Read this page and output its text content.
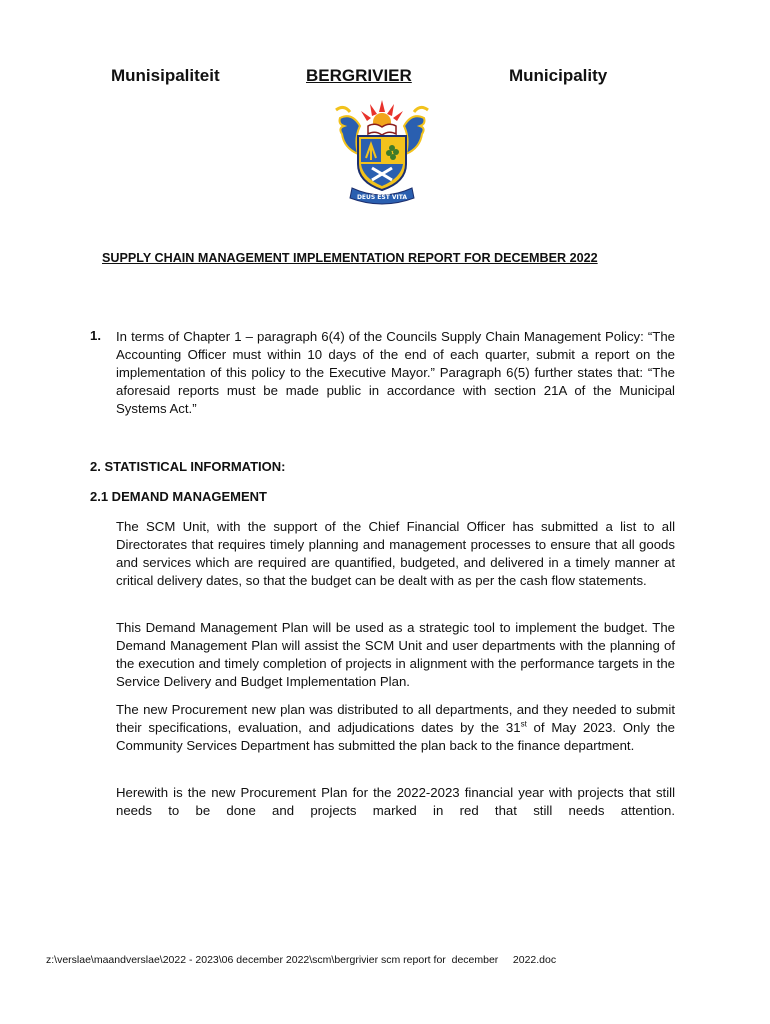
Munisipaliteit	BERGRIVIER	Municipality
DEUS EST VITA
SUPPLY CHAIN MANAGEMENT IMPLEMENTATION REPORT FOR DECEMBER 2022
1. In terms of Chapter 1 – paragraph 6(4) of the Councils Supply Chain Management Policy: “The Accounting Officer must within 10 days of the end of each quarter, submit a report on the implementation of this policy to the Executive Mayor.” Paragraph 6(5) further states that: “The aforesaid reports must be made public in accordance with section 21A of the Municipal Systems Act.”
2. STATISTICAL INFORMATION:
2.1 DEMAND MANAGEMENT
The SCM Unit, with the support of the Chief Financial Officer has submitted a list to all Directorates that requires timely planning and management processes to ensure that all goods and services which are required are quantified, budgeted, and delivered in a timely manner at critical delivery dates, so that the budget can be dealt with as per the cash flow statements.
This Demand Management Plan will be used as a strategic tool to implement the budget. The Demand Management Plan will assist the SCM Unit and user departments with the planning of the execution and timely completion of projects in alignment with the performance targets in the Service Delivery and Budget Implementation Plan.
The new Procurement new plan was distributed to all departments, and they needed to submit their specifications, evaluation, and adjudications dates by the 31st of May 2023. Only the Community Services Department has submitted the plan back to the finance department.
Herewith is the new Procurement Plan for the 2022-2023 financial year with projects that still needs to be done and projects marked in red that still needs attention.
z:\verslae\maandverslae\2022 - 2023\06 december 2022\scm\bergrivier scm report for  december     2022.doc
